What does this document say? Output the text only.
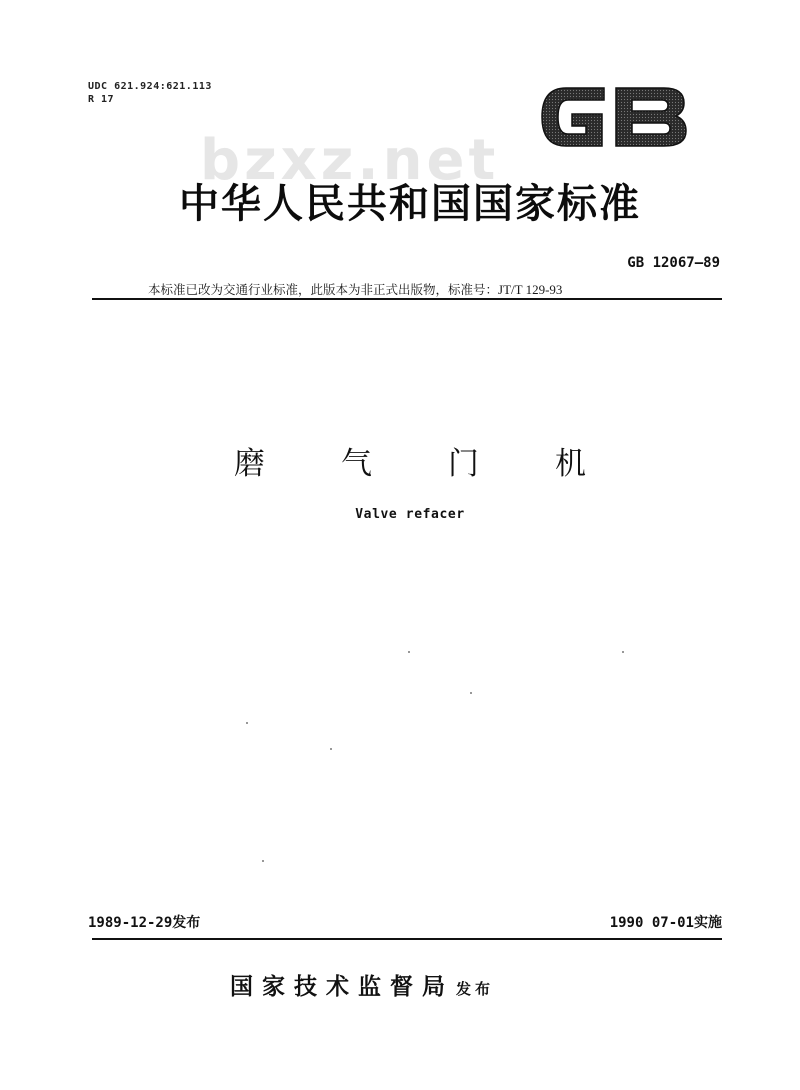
UDC 621.924:621.113
R 17
bzxz.net
中华人民共和国国家标准
GB 12067—89
本标准已改为交通行业标准，此版本为非正式出版物，标准号：JT/T 129-93
磨 气 门 机
Valve refacer
1989-12-29发布	1990 07-01实施
国家技术监督局 发布
